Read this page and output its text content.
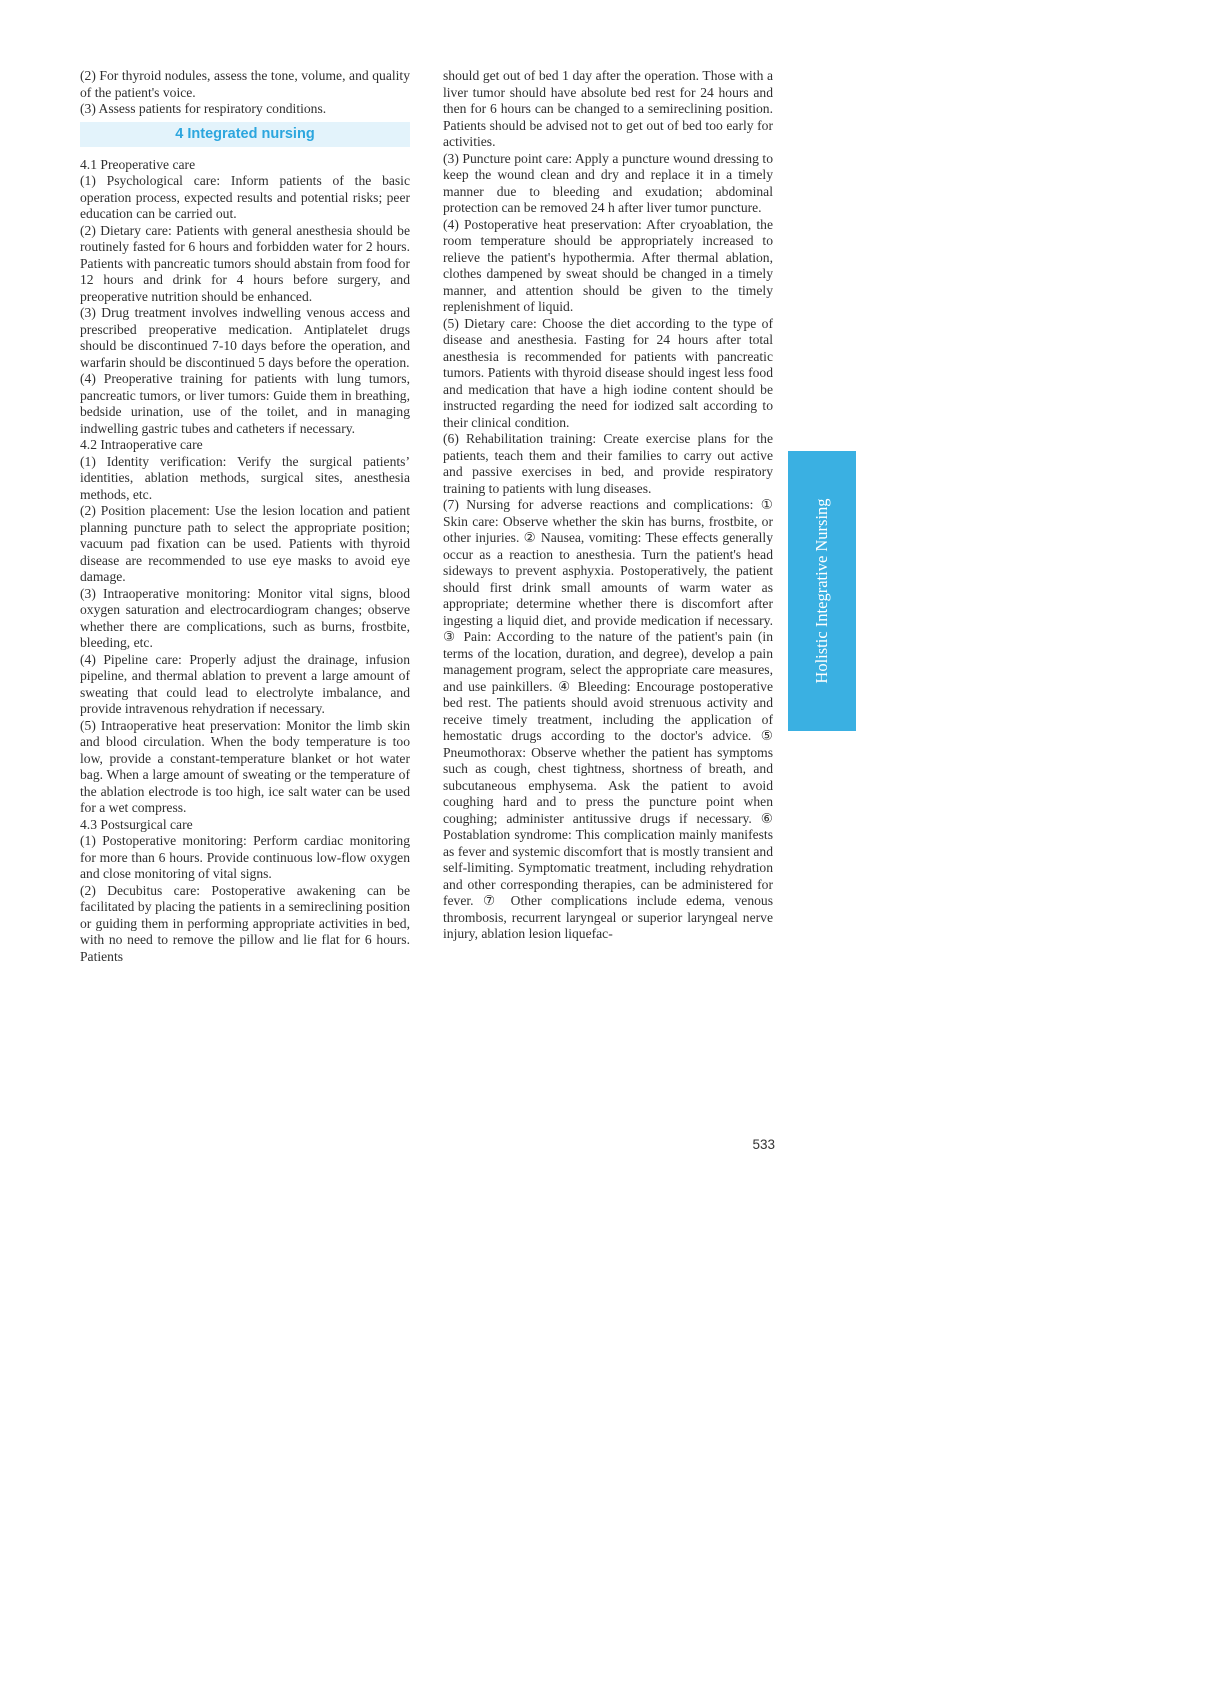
(2) For thyroid nodules, assess the tone, volume, and quality of the patient's voice.

(3) Assess patients for respiratory conditions.

4 Integrated nursing

4.1 Preoperative care

(1) Psychological care: Inform patients of the basic operation process, expected results and potential risks; peer education can be carried out.

(2) Dietary care: Patients with general anesthesia should be routinely fasted for 6 hours and forbidden water for 2 hours. Patients with pancreatic tumors should abstain from food for 12 hours and drink for 4 hours before surgery, and preoperative nutrition should be enhanced.

(3) Drug treatment involves indwelling venous access and prescribed preoperative medication. Antiplatelet drugs should be discontinued 7-10 days before the operation, and warfarin should be discontinued 5 days before the operation.

(4) Preoperative training for patients with lung tumors, pancreatic tumors, or liver tumors: Guide them in breathing, bedside urination, use of the toilet, and in managing indwelling gastric tubes and catheters if necessary.

4.2 Intraoperative care

(1) Identity verification: Verify the surgical patients’ identities, ablation methods, surgical sites, anesthesia methods, etc.

(2) Position placement: Use the lesion location and patient planning puncture path to select the appropriate position; vacuum pad fixation can be used. Patients with thyroid disease are recommended to use eye masks to avoid eye damage.

(3) Intraoperative monitoring: Monitor vital signs, blood oxygen saturation and electrocardiogram changes; observe whether there are complications, such as burns, frostbite, bleeding, etc.

(4) Pipeline care: Properly adjust the drainage, infusion pipeline, and thermal ablation to prevent a large amount of sweating that could lead to electrolyte imbalance, and provide intravenous rehydration if necessary.

(5) Intraoperative heat preservation: Monitor the limb skin and blood circulation. When the body temperature is too low, provide a constant-temperature blanket or hot water bag. When a large amount of sweating or the temperature of the ablation electrode is too high, ice salt water can be used for a wet compress.

4.3 Postsurgical care

(1) Postoperative monitoring: Perform cardiac monitoring for more than 6 hours. Provide continuous low-flow oxygen and close monitoring of vital signs.

(2) Decubitus care: Postoperative awakening can be facilitated by placing the patients in a semireclining position or guiding them in performing appropriate activities in bed, with no need to remove the pillow and lie flat for 6 hours. Patients

should get out of bed 1 day after the operation. Those with a liver tumor should have absolute bed rest for 24 hours and then for 6 hours can be changed to a semireclining position. Patients should be advised not to get out of bed too early for activities.

(3) Puncture point care: Apply a puncture wound dressing to keep the wound clean and dry and replace it in a timely manner due to bleeding and exudation; abdominal protection can be removed 24 h after liver tumor puncture.

(4) Postoperative heat preservation: After cryoablation, the room temperature should be appropriately increased to relieve the patient's hypothermia. After thermal ablation, clothes dampened by sweat should be changed in a timely manner, and attention should be given to the timely replenishment of liquid.

(5) Dietary care: Choose the diet according to the type of disease and anesthesia. Fasting for 24 hours after total anesthesia is recommended for patients with pancreatic tumors. Patients with thyroid disease should ingest less food and medication that have a high iodine content should be instructed regarding the need for iodized salt according to their clinical condition.

(6) Rehabilitation training: Create exercise plans for the patients, teach them and their families to carry out active and passive exercises in bed, and provide respiratory training to patients with lung diseases.

(7) Nursing for adverse reactions and complications: ① Skin care: Observe whether the skin has burns, frostbite, or other injuries. ② Nausea, vomiting: These effects generally occur as a reaction to anesthesia. Turn the patient's head sideways to prevent asphyxia. Postoperatively, the patient should first drink small amounts of warm water as appropriate; determine whether there is discomfort after ingesting a liquid diet, and provide medication if necessary. ③ Pain: According to the nature of the patient's pain (in terms of the location, duration, and degree), develop a pain management program, select the appropriate care measures, and use painkillers. ④ Bleeding: Encourage postoperative bed rest. The patients should avoid strenuous activity and receive timely treatment, including the application of hemostatic drugs according to the doctor's advice. ⑤ Pneumothorax: Observe whether the patient has symptoms such as cough, chest tightness, shortness of breath, and subcutaneous emphysema. Ask the patient to avoid coughing hard and to press the puncture point when coughing; administer antitussive drugs if necessary. ⑥ Postablation syndrome: This complication mainly manifests as fever and systemic discomfort that is mostly transient and self-limiting. Symptomatic treatment, including rehydration and other corresponding therapies, can be administered for fever. ⑦ Other complications include edema, venous thrombosis, recurrent laryngeal or superior laryngeal nerve injury, ablation lesion liquefac-

Holistic Integrative Nursing
533
